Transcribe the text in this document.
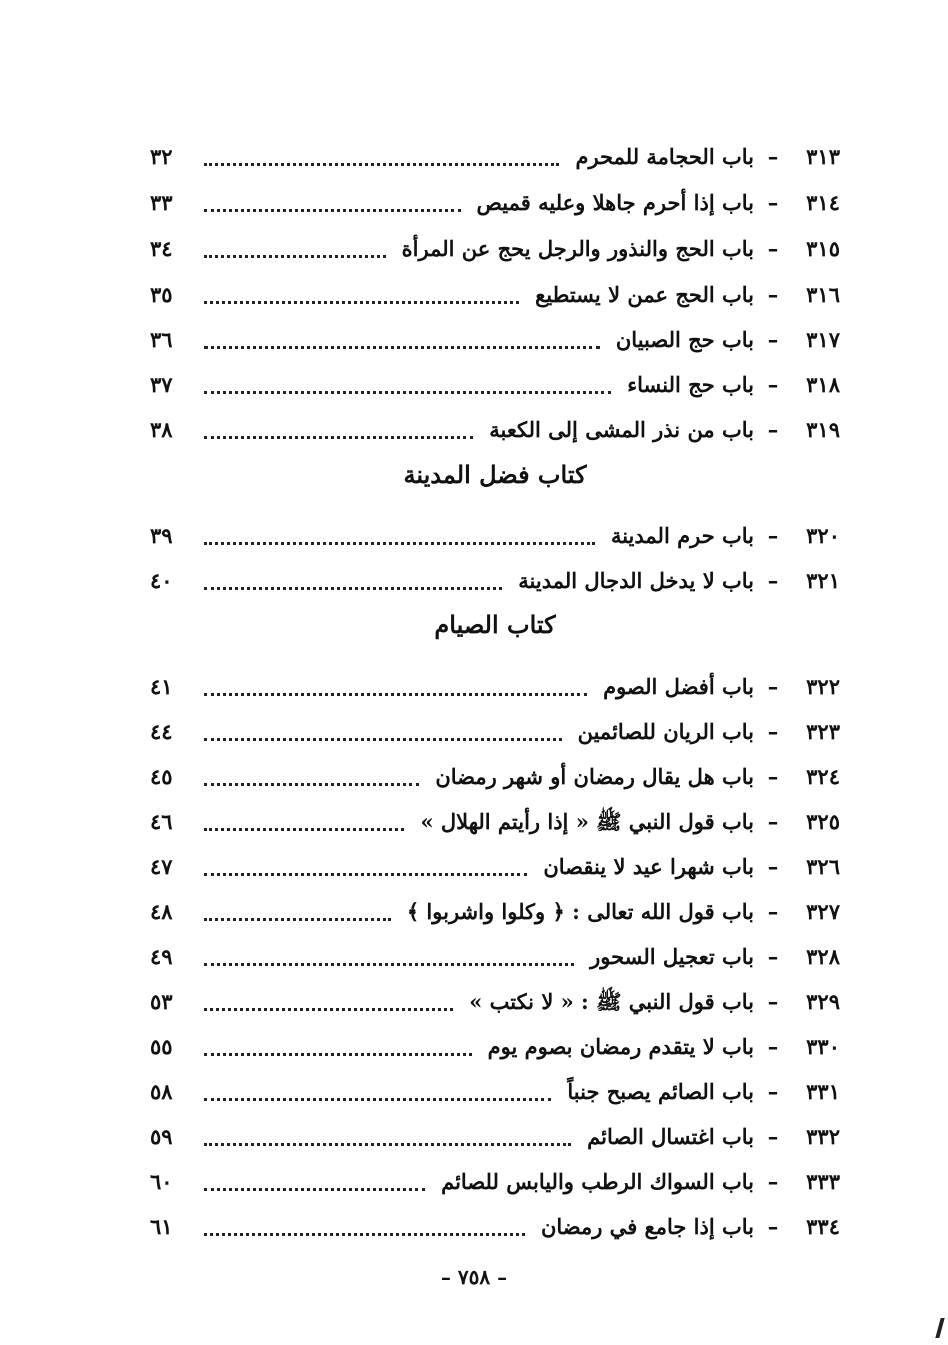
٣١٣
–
باب الحجامة للمحرم
٣٢
٣١٤
–
باب إذا أحرم جاهلا وعليه قميص
٣٣
٣١٥
–
باب الحج والنذور والرجل يحج عن المرأة
٣٤
٣١٦
–
باب الحج عمن لا يستطيع
٣٥
٣١٧
–
باب حج الصبيان
٣٦
٣١٨
–
باب حج النساء
٣٧
٣١٩
–
باب من نذر المشى إلى الكعبة
٣٨
كتاب فضل المدينة
٣٢٠
–
باب حرم المدينة
٣٩
٣٢١
–
باب لا يدخل الدجال المدينة
٤٠
كتاب الصيام
٣٢٢
–
باب أفضل الصوم
٤١
٣٢٣
–
باب الريان للصائمين
٤٤
٣٢٤
–
باب هل يقال رمضان أو شهر رمضان
٤٥
٣٢٥
–
باب قول النبي ﷺ « إذا رأيتم الهلال »
٤٦
٣٢٦
–
باب شهرا عيد لا ينقصان
٤٧
٣٢٧
–
باب قول الله تعالى : ﴿ وكلوا واشربوا ﴾
٤٨
٣٢٨
–
باب تعجيل السحور
٤٩
٣٢٩
–
باب قول النبي ﷺ : « لا نكتب »
٥٣
٣٣٠
–
باب لا يتقدم رمضان بصوم يوم
٥٥
٣٣١
–
باب الصائم يصبح جنباً
٥٨
٣٣٢
–
باب اغتسال الصائم
٥٩
٣٣٣
–
باب السواك الرطب واليابس للصائم
٦٠
٣٣٤
–
باب إذا جامع في رمضان
٦١
– ٧٥٨ –
